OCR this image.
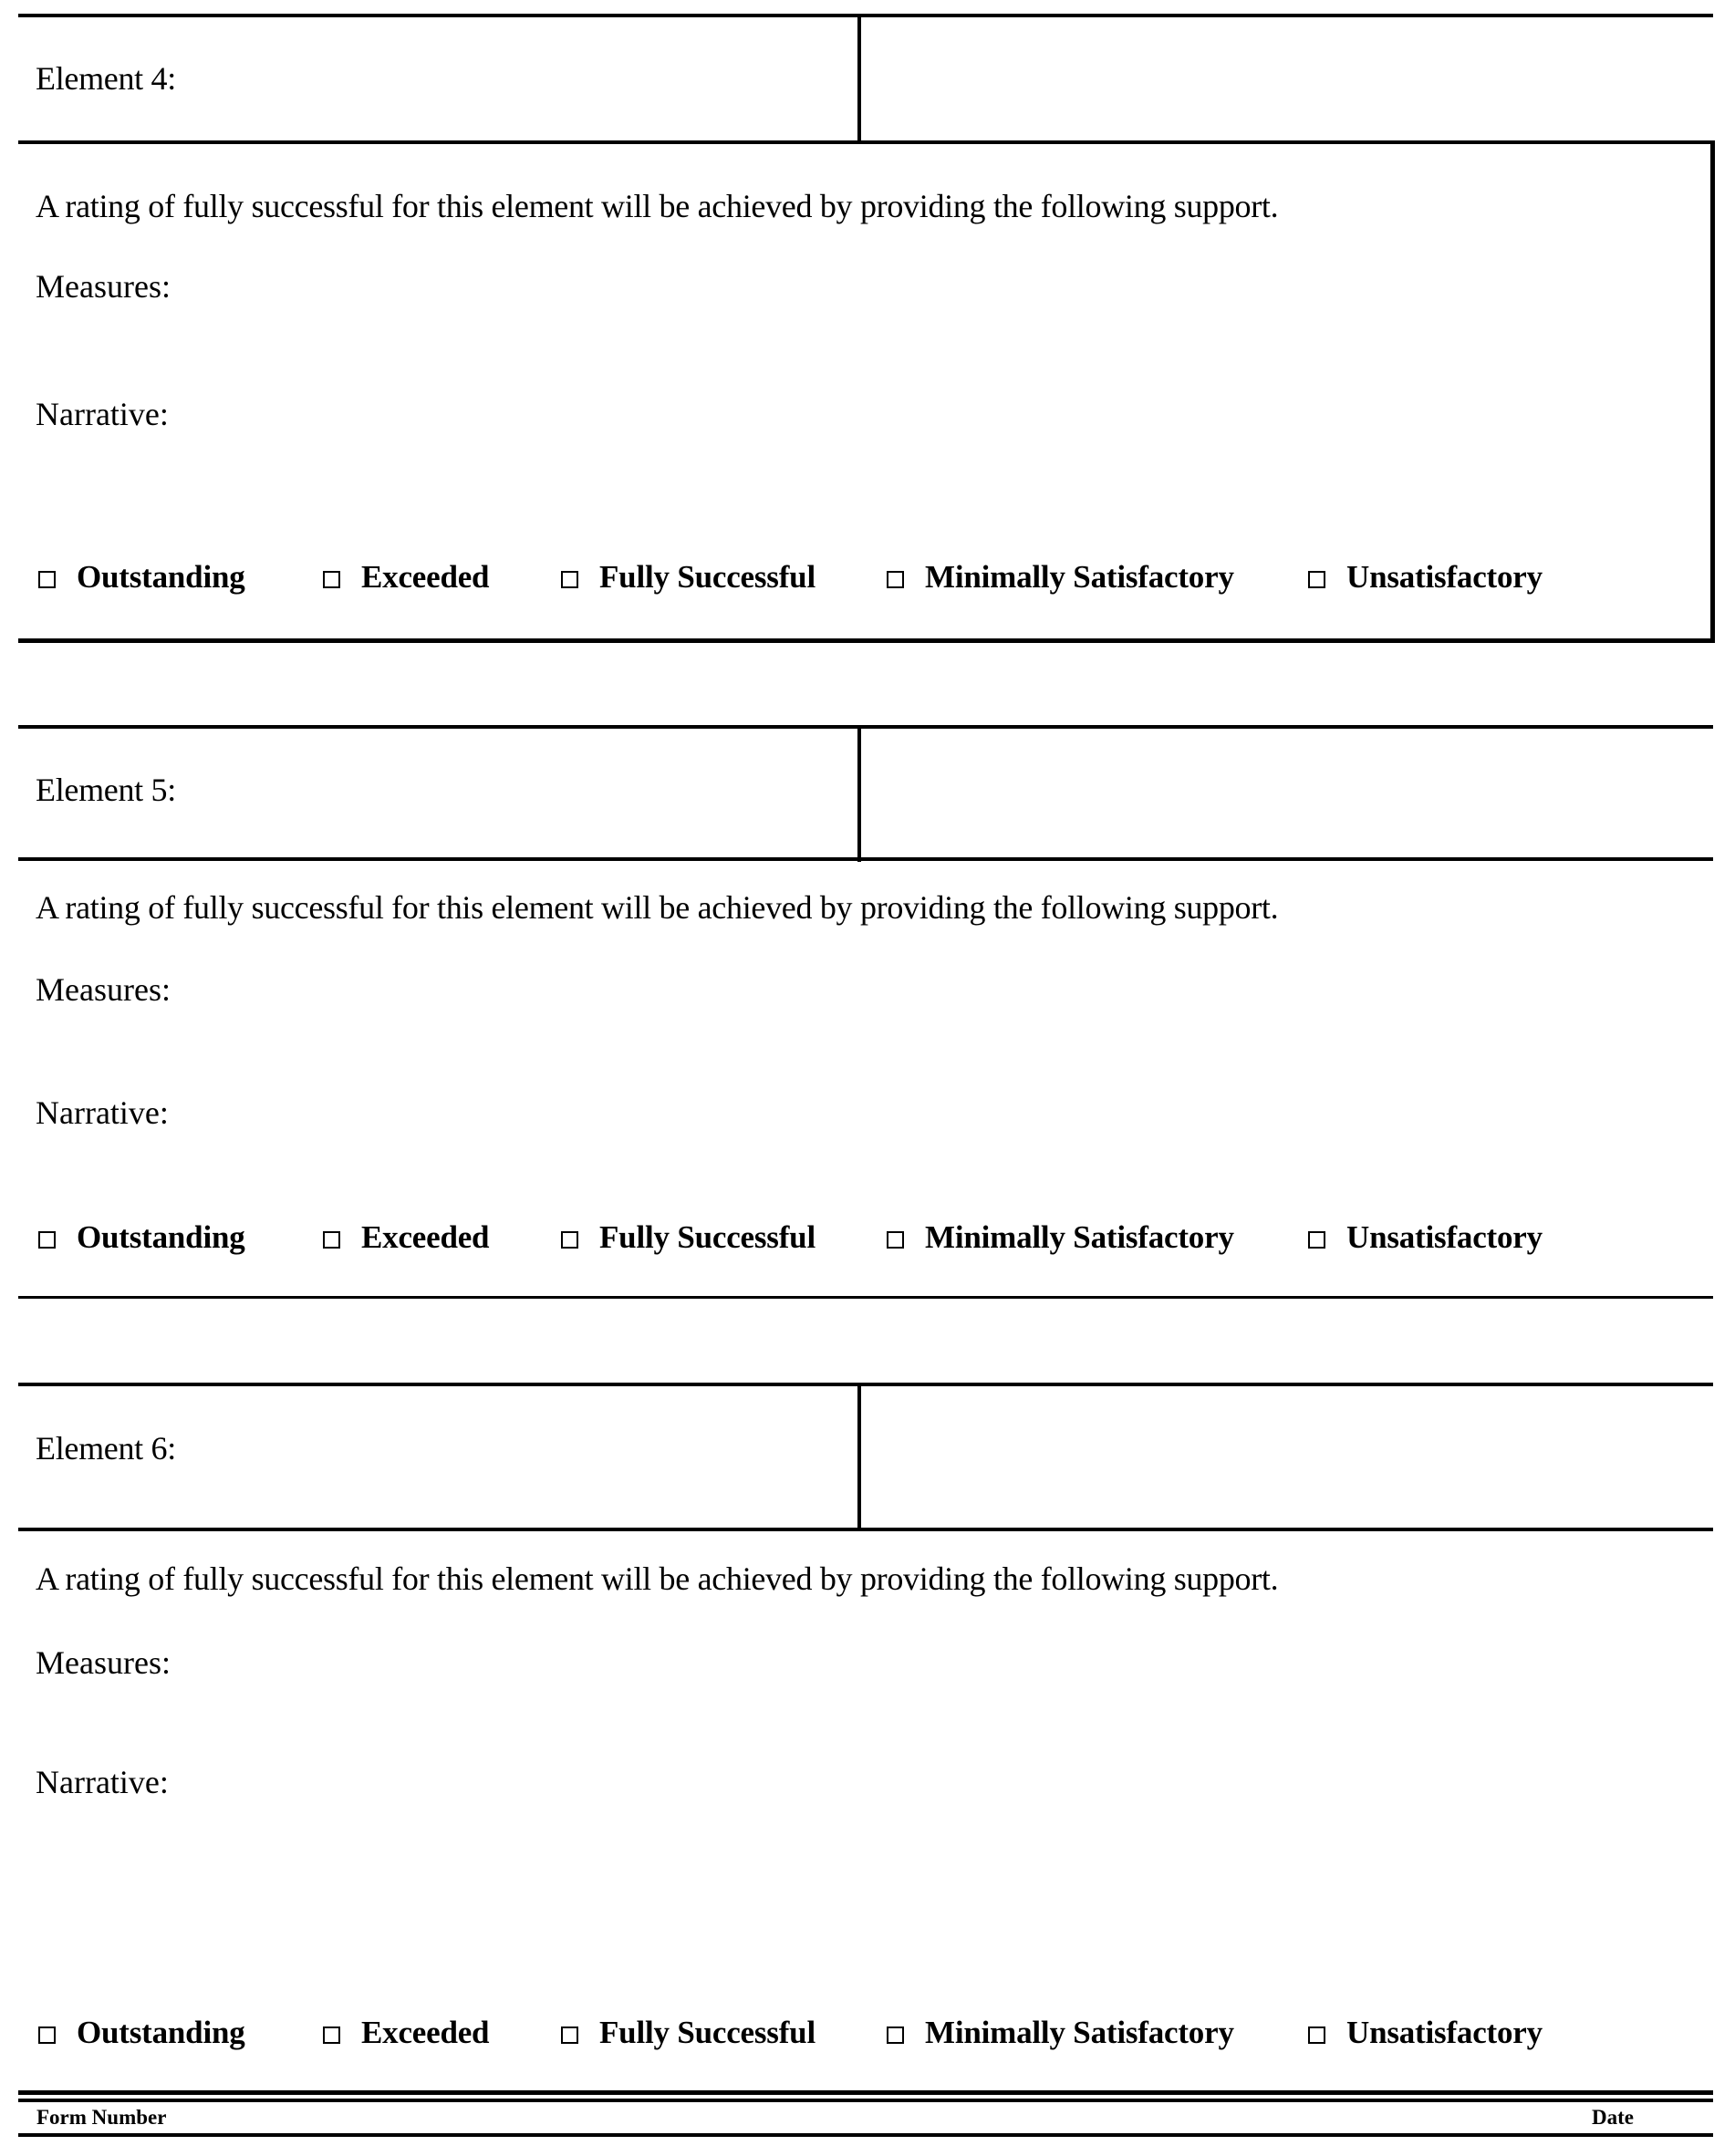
Element 4:
A rating of fully successful for this element will be achieved by providing the following support.
Measures:
Narrative:
Outstanding	Exceeded	Fully Successful	Minimally Satisfactory	Unsatisfactory
Element 5:
A rating of fully successful for this element will be achieved by providing the following support.
Measures:
Narrative:
Outstanding	Exceeded	Fully Successful	Minimally Satisfactory	Unsatisfactory
Element 6:
A rating of fully successful for this element will be achieved by providing the following support.
Measures:
Narrative:
Outstanding	Exceeded	Fully Successful	Minimally Satisfactory	Unsatisfactory
Form Number	Date
